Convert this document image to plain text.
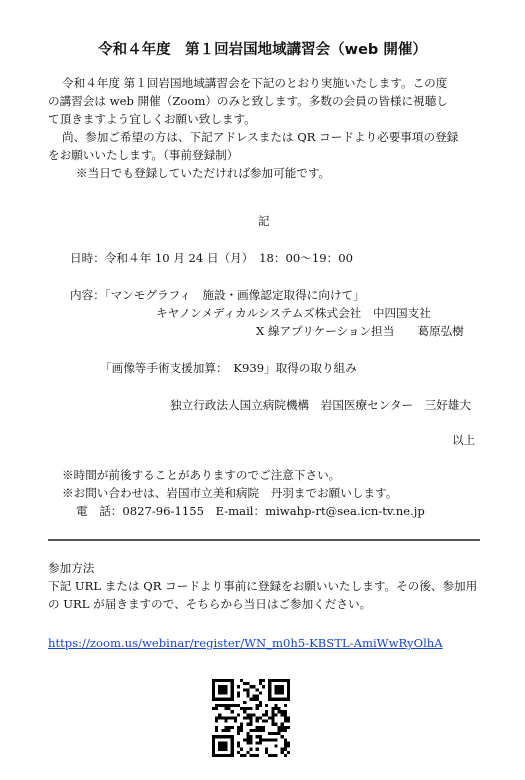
令和４年度　第１回岩国地域講習会（web 開催）
令和４年度 第１回岩国地域講習会を下記のとおり実施いたします。この度
の講習会は web 開催（Zoom）のみと致します。多数の会員の皆様に視聴し
て頂きますよう宜しくお願い致します。
尚、参加ご希望の方は、下記アドレスまたは QR コードより必要事項の登録
をお願いいたします。（事前登録制）
※当日でも登録していただければ参加可能です。
記
日時：令和４年 10 月 24 日（月）　18：00～19：00
内容：「マンモグラフィ　施設・画像認定取得に向けて」
キヤノンメディカルシステムズ株式会社　中四国支社
X 線アプリケーション担当　　葛原弘樹
「画像等手術支援加算：　K939」取得の取り組み
独立行政法人国立病院機構　岩国医療センター　三好雄大
以上
※時間が前後することがありますのでご注意下さい。
※お問い合わせは、岩国市立美和病院　丹羽までお願いします。
電　話：0827-96-1155　E-mail：miwahp-rt@sea.icn-tv.ne.jp
参加方法
下記 URL または QR コードより事前に登録をお願いいたします。その後、参加用
の URL が届きますので、そちらから当日はご参加ください。
https://zoom.us/webinar/register/WN_m0h5-KBSTL-AmiWwRyOlhA
